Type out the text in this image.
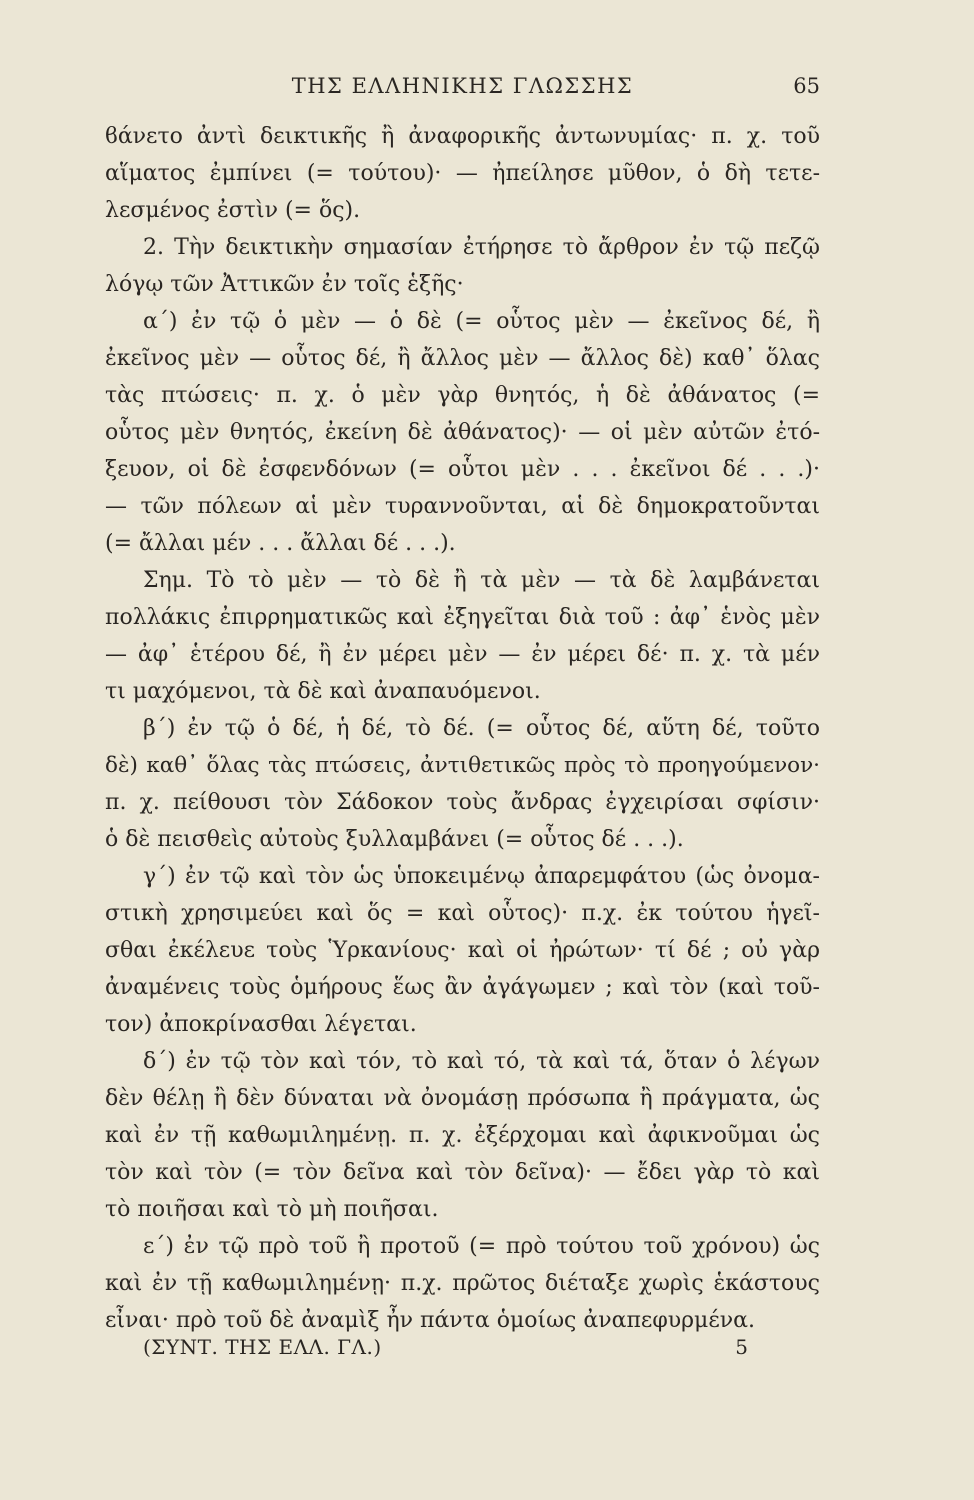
ΤΗΣ ΕΛΛΗΝΙΚΗΣ ΓΛΩΣΣΗΣ	65
ϐάνετο ἀντὶ δεικτικῆς ἢ ἀναφορικῆς ἀντωνυμίας· π. χ. τοῦ
αἵματος ἐμπίνει (= τούτου)· — ἠπείλησε μῦθον, ὁ δὴ τετε-
λεσμένος ἐστὶν (= ὅς).
2. Τὴν δεικτικὴν σημασίαν ἐτήρησε τὸ ἄρθρον ἐν τῷ πεζῷ
λόγῳ τῶν Ἀττικῶν ἐν τοῖς ἑξῆς·
α΄) ἐν τῷ ὁ μὲν — ὁ δὲ (= οὗτος μὲν — ἐκεῖνος δέ, ἢ
ἐκεῖνος μὲν — οὗτος δέ, ἢ ἄλλος μὲν — ἄλλος δὲ) καθ᾽ ὅλας
τὰς πτώσεις· π. χ. ὁ μὲν γὰρ θνητός, ἡ δὲ ἀθάνατος (=
οὗτος μὲν θνητός, ἐκείνη δὲ ἀθάνατος)· — οἱ μὲν αὐτῶν ἐτό-
ξευον, οἱ δὲ ἐσφενδόνων (= οὗτοι μὲν . . . ἐκεῖνοι δέ . . .)·
— τῶν πόλεων αἱ μὲν τυραννοῦνται, αἱ δὲ δημοκρατοῦνται
(= ἄλλαι μέν . . . ἄλλαι δέ . . .).
Σημ. Τὸ τὸ μὲν — τὸ δὲ ἢ τὰ μὲν — τὰ δὲ λαμβάνεται
πολλάκις ἐπιρρηματικῶς καὶ ἐξηγεῖται διὰ τοῦ : ἀφ᾽ ἑνὸς μὲν
— ἀφ᾽ ἑτέρου δέ, ἢ ἐν μέρει μὲν — ἐν μέρει δέ· π. χ. τὰ μέν
τι μαχόμενοι, τὰ δὲ καὶ ἀναπαυόμενοι.
β΄) ἐν τῷ ὁ δέ, ἡ δέ, τὸ δέ. (= οὗτος δέ, αὕτη δέ, τοῦτο
δὲ) καθ᾽ ὅλας τὰς πτώσεις, ἀντιθετικῶς πρὸς τὸ προηγούμενον·
π. χ. πείθουσι τὸν Σάδοκον τοὺς ἄνδρας ἐγχειρίσαι σφίσιν·
ὁ δὲ πεισθεὶς αὐτοὺς ξυλλαμβάνει (= οὗτος δέ . . .).
γ΄) ἐν τῷ καὶ τὸν ὡς ὑποκειμένῳ ἀπαρεμφάτου (ὡς ὀνομα-
στικὴ χρησιμεύει καὶ ὅς = καὶ οὗτος)· π.χ. ἐκ τούτου ἡγεῖ-
σθαι ἐκέλευε τοὺς Ὑρκανίους· καὶ οἱ ἠρώτων· τί δέ ; οὐ γὰρ
ἀναμένεις τοὺς ὁμήρους ἕως ἂν ἀγάγωμεν ; καὶ τὸν (καὶ τοῦ-
τον) ἀποκρίνασθαι λέγεται.
δ΄) ἐν τῷ τὸν καὶ τόν, τὸ καὶ τό, τὰ καὶ τά, ὅταν ὁ λέγων
δὲν θέλῃ ἢ δὲν δύναται νὰ ὀνομάσῃ πρόσωπα ἢ πράγματα, ὡς
καὶ ἐν τῇ καθωμιλημένῃ. π. χ. ἐξέρχομαι καὶ ἀφικνοῦμαι ὡς
τὸν καὶ τὸν (= τὸν δεῖνα καὶ τὸν δεῖνα)· — ἔδει γὰρ τὸ καὶ
τὸ ποιῆσαι καὶ τὸ μὴ ποιῆσαι.
ε΄) ἐν τῷ πρὸ τοῦ ἢ προτοῦ (= πρὸ τούτου τοῦ χρόνου) ὡς
καὶ ἐν τῇ καθωμιλημένῃ· π.χ. πρῶτος διέταξε χωρὶς ἑκάστους
εἶναι· πρὸ τοῦ δὲ ἀναμὶξ ἦν πάντα ὁμοίως ἀναπεφυρμένα.
(ΣΥΝΤ. ΤΗΣ ΕΛΛ. ΓΛ.)	5
